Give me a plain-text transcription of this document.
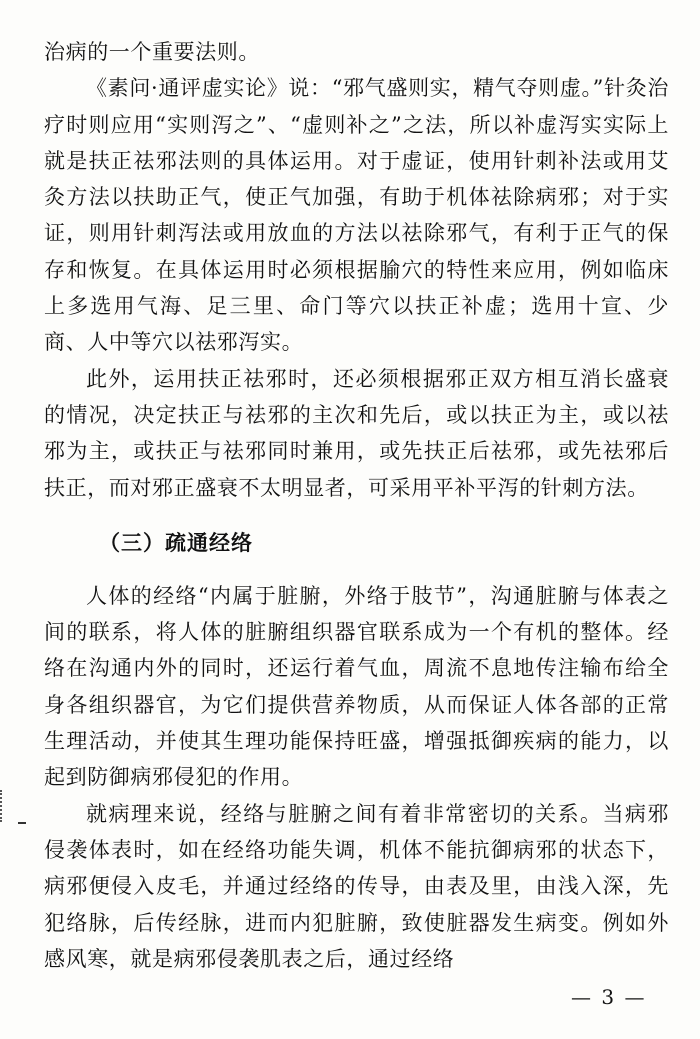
治病的一个重要法则。

《素问·通评虚实论》说：“邪气盛则实，精气夺则虚。”针灸治疗时则应用“实则泻之”、“虚则补之”之法，所以补虚泻实实际上就是扶正祛邪法则的具体运用。对于虚证，使用针刺补法或用艾灸方法以扶助正气，使正气加强，有助于机体祛除病邪；对于实证，则用针刺泻法或用放血的方法以祛除邪气，有利于正气的保存和恢复。在具体运用时必须根据腧穴的特性来应用，例如临床上多选用气海、足三里、命门等穴以扶正补虚；选用十宣、少商、人中等穴以祛邪泻实。

此外，运用扶正祛邪时，还必须根据邪正双方相互消长盛衰的情况，决定扶正与祛邪的主次和先后，或以扶正为主，或以祛邪为主，或扶正与祛邪同时兼用，或先扶正后祛邪，或先祛邪后扶正，而对邪正盛衰不太明显者，可采用平补平泻的针刺方法。

（三）疏通经络

人体的经络“内属于脏腑，外络于肢节”，沟通脏腑与体表之间的联系，将人体的脏腑组织器官联系成为一个有机的整体。经络在沟通内外的同时，还运行着气血，周流不息地传注输布给全身各组织器官，为它们提供营养物质，从而保证人体各部的正常生理活动，并使其生理功能保持旺盛，增强抵御疾病的能力，以起到防御病邪侵犯的作用。

就病理来说，经络与脏腑之间有着非常密切的关系。当病邪侵袭体表时，如在经络功能失调，机体不能抗御病邪的状态下，病邪便侵入皮毛，并通过经络的传导，由表及里，由浅入深，先犯络脉，后传经脉，进而内犯脏腑，致使脏器发生病变。例如外感风寒，就是病邪侵袭肌表之后，通过经络

— 3 —
